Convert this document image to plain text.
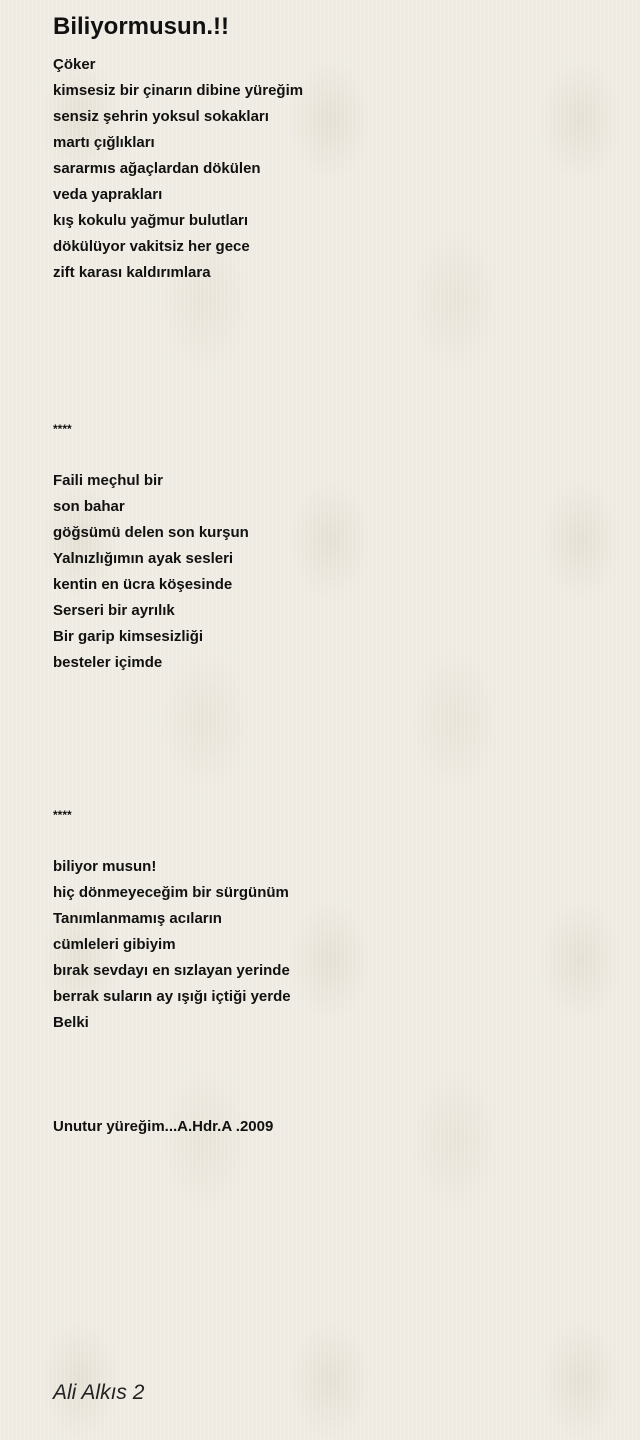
Biliyormusun.!!
Çöker
kimsesiz bir çinarın dibine yüreğim
sensiz şehrin yoksul sokakları
martı çığlıkları
sararmıs ağaçlardan dökülen
veda yaprakları
kış kokulu yağmur bulutları
dökülüyor vakitsiz her gece
zift karası kaldırımlara
****
Faili meçhul bir
son bahar
göğsümü delen son kurşun
Yalnızlığımın ayak sesleri
kentin en ücra köşesinde
Serseri bir ayrılık
Bir garip kimsesizliği
besteler içimde
****
biliyor musun!
hiç dönmeyeceğim bir sürgünüm
Tanımlanmamış acıların
cümleleri gibiyim
bırak sevdayı en sızlayan yerinde
berrak suların ay ışığı içtiği yerde
Belki
Unutur yüreğim...A.Hdr.A .2009
Ali Alkıs 2
